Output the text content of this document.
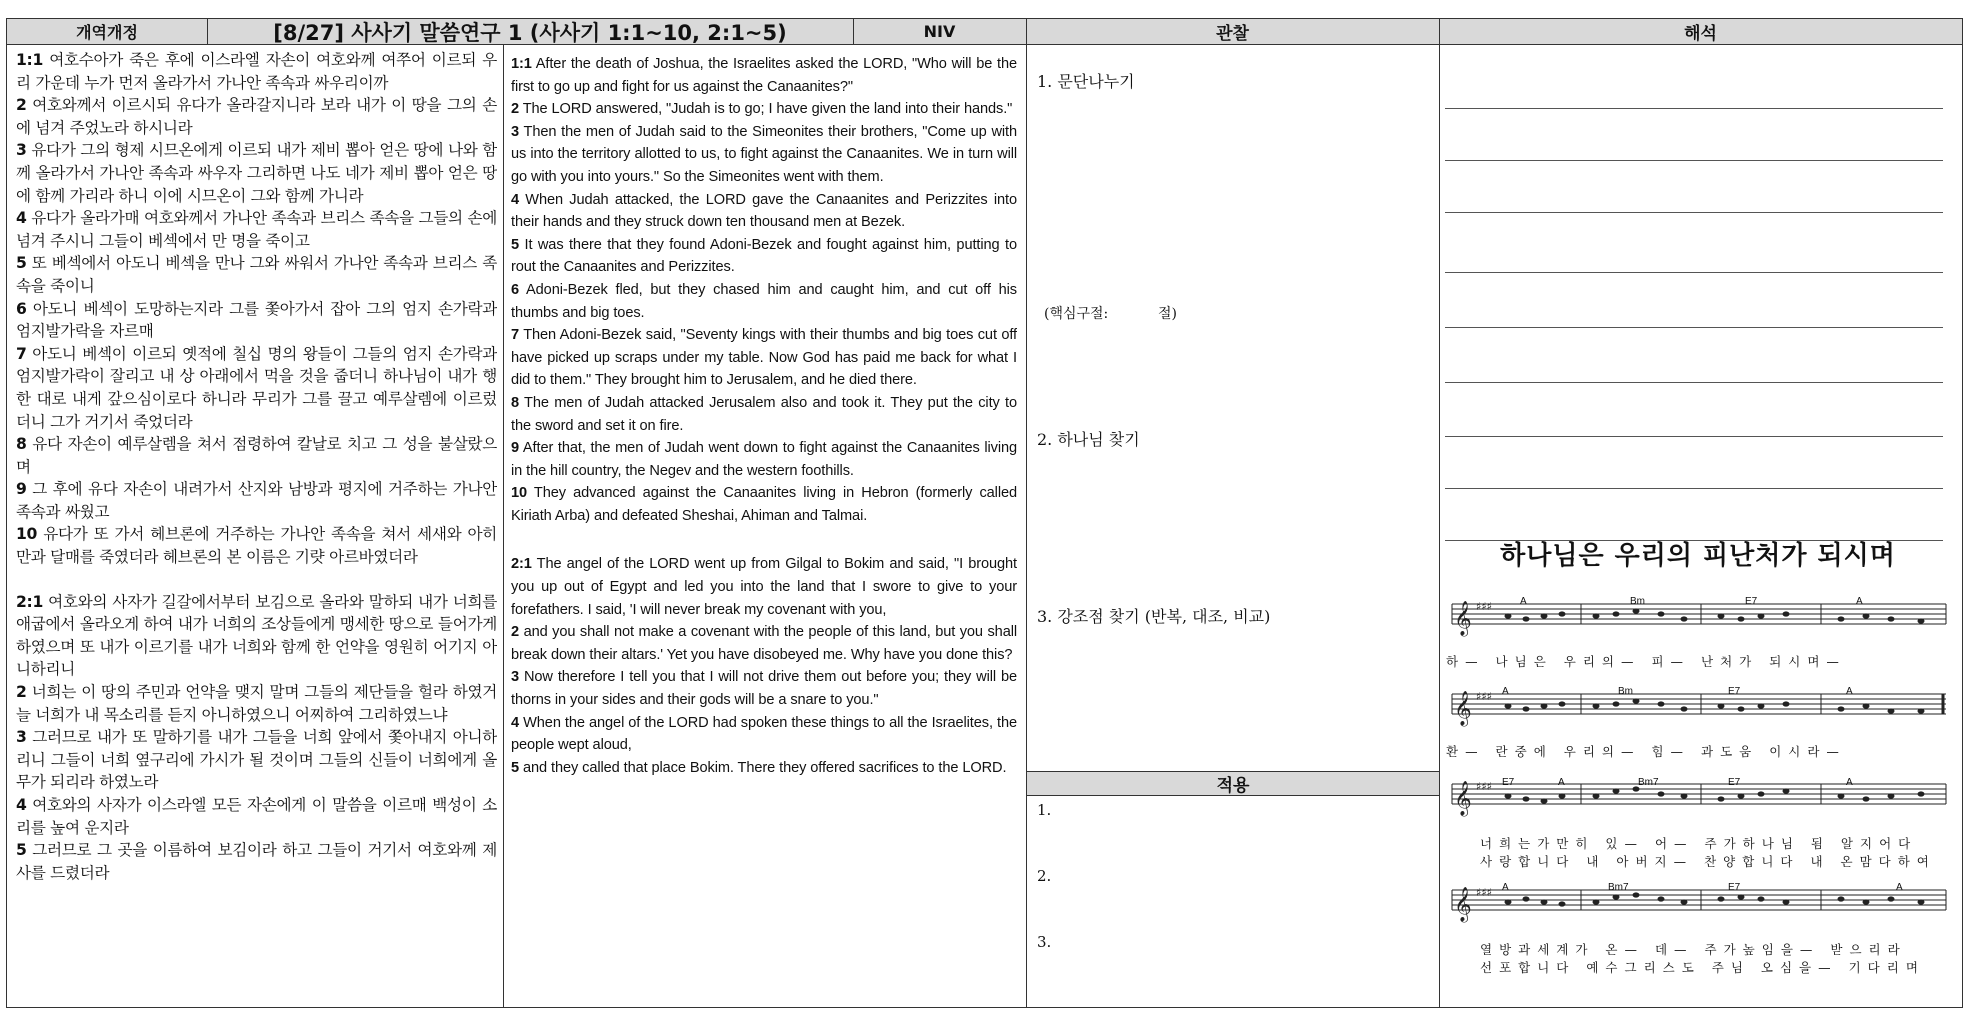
개역개정	[8/27] 사사기 말씀연구 1 (사사기 1:1~10, 2:1~5)	NIV	관찰	해석

1:1 여호수아가 죽은 후에 이스라엘 자손이 여호와께 여쭈어 이르되 우리 가운데 누가 먼저 올라가서 가나안 족속과 싸우리이까

2 여호와께서 이르시되 유다가 올라갈지니라 보라 내가 이 땅을 그의 손에 넘겨 주었노라 하시니라

3 유다가 그의 형제 시므온에게 이르되 내가 제비 뽑아 얻은 땅에 나와 함께 올라가서 가나안 족속과 싸우자 그리하면 나도 네가 제비 뽑아 얻은 땅에 함께 가리라 하니 이에 시므온이 그와 함께 가니라

4 유다가 올라가매 여호와께서 가나안 족속과 브리스 족속을 그들의 손에 넘겨 주시니 그들이 베섹에서 만 명을 죽이고

5 또 베섹에서 아도니 베섹을 만나 그와 싸워서 가나안 족속과 브리스 족속을 죽이니

6 아도니 베섹이 도망하는지라 그를 쫓아가서 잡아 그의 엄지 손가락과 엄지발가락을 자르매

7 아도니 베섹이 이르되 옛적에 칠십 명의 왕들이 그들의 엄지 손가락과 엄지발가락이 잘리고 내 상 아래에서 먹을 것을 줍더니 하나님이 내가 행한 대로 내게 갚으심이로다 하니라 무리가 그를 끌고 예루살렘에 이르렀더니 그가 거기서 죽었더라

8 유다 자손이 예루살렘을 쳐서 점령하여 칼날로 치고 그 성을 불살랐으며

9 그 후에 유다 자손이 내려가서 산지와 남방과 평지에 거주하는 가나안 족속과 싸웠고

10 유다가 또 가서 헤브론에 거주하는 가나안 족속을 쳐서 세새와 아히만과 달매를 죽였더라 헤브론의 본 이름은 기럇 아르바였더라

2:1 여호와의 사자가 길갈에서부터 보김으로 올라와 말하되 내가 너희를 애굽에서 올라오게 하여 내가 너희의 조상들에게 맹세한 땅으로 들어가게 하였으며 또 내가 이르기를 내가 너희와 함께 한 언약을 영원히 어기지 아니하리니

2 너희는 이 땅의 주민과 언약을 맺지 말며 그들의 제단들을 헐라 하였거늘 너희가 내 목소리를 듣지 아니하였으니 어찌하여 그리하였느냐

3 그러므로 내가 또 말하기를 내가 그들을 너희 앞에서 쫓아내지 아니하리니 그들이 너희 옆구리에 가시가 될 것이며 그들의 신들이 너희에게 올무가 되리라 하였노라

4 여호와의 사자가 이스라엘 모든 자손에게 이 말씀을 이르매 백성이 소리를 높여 운지라

5 그러므로 그 곳을 이름하여 보김이라 하고 그들이 거기서 여호와께 제사를 드렸더라

1:1 After the death of Joshua, the Israelites asked the LORD, "Who will be the first to go up and fight for us against the Canaanites?"

2 The LORD answered, "Judah is to go; I have given the land into their hands."

3 Then the men of Judah said to the Simeonites their brothers, "Come up with us into the territory allotted to us, to fight against the Canaanites. We in turn will go with you into yours." So the Simeonites went with them.

4 When Judah attacked, the LORD gave the Canaanites and Perizzites into their hands and they struck down ten thousand men at Bezek.

5 It was there that they found Adoni-Bezek and fought against him, putting to rout the Canaanites and Perizzites.

6 Adoni-Bezek fled, but they chased him and caught him, and cut off his thumbs and big toes.

7 Then Adoni-Bezek said, "Seventy kings with their thumbs and big toes cut off have picked up scraps under my table. Now God has paid me back for what I did to them." They brought him to Jerusalem, and he died there.

8 The men of Judah attacked Jerusalem also and took it. They put the city to the sword and set it on fire.

9 After that, the men of Judah went down to fight against the Canaanites living in the hill country, the Negev and the western foothills.

10 They advanced against the Canaanites living in Hebron (formerly called Kiriath Arba) and defeated Sheshai, Ahiman and Talmai.

2:1 The angel of the LORD went up from Gilgal to Bokim and said, "I brought you up out of Egypt and led you into the land that I swore to give to your forefathers. I said, 'I will never break my covenant with you,

2 and you shall not make a covenant with the people of this land, but you shall break down their altars.' Yet you have disobeyed me. Why have you done this?

3 Now therefore I tell you that I will not drive them out before you; they will be thorns in your sides and their gods will be a snare to you."

4 When the angel of the LORD had spoken these things to all the Israelites, the people wept aloud,

5 and they called that place Bokim. There they offered sacrifices to the LORD.

1. 문단나누기
(핵심구절:	절)
2. 하나님 찾기
3. 강조점 찾기 (반복, 대조, 비교)
적용
1.
2.
3.
하나님은 우리의 피난처가 되시며
𝄞
𝄞
𝄞
𝄞
♯♯♯
♯♯♯
♯♯♯
♯♯♯
A	Bm	E7	A
하— 나님은 우리의— 피— 난처가 되시며—
A	Bm	E7	A
환— 란중에 우리의— 힘— 과도움 이시라—
E7	A	Bm7	E7	A
너희는가만히 있— 어— 주가하나님 됨 알지어다
사랑합니다 내 아버지— 찬양합니다 내 온맘다하여
A	Bm7	E7	A
열방과세계가 온— 데— 주가높임을— 받으리라
선포합니다 예수그리스도 주님 오심을— 기다리며
